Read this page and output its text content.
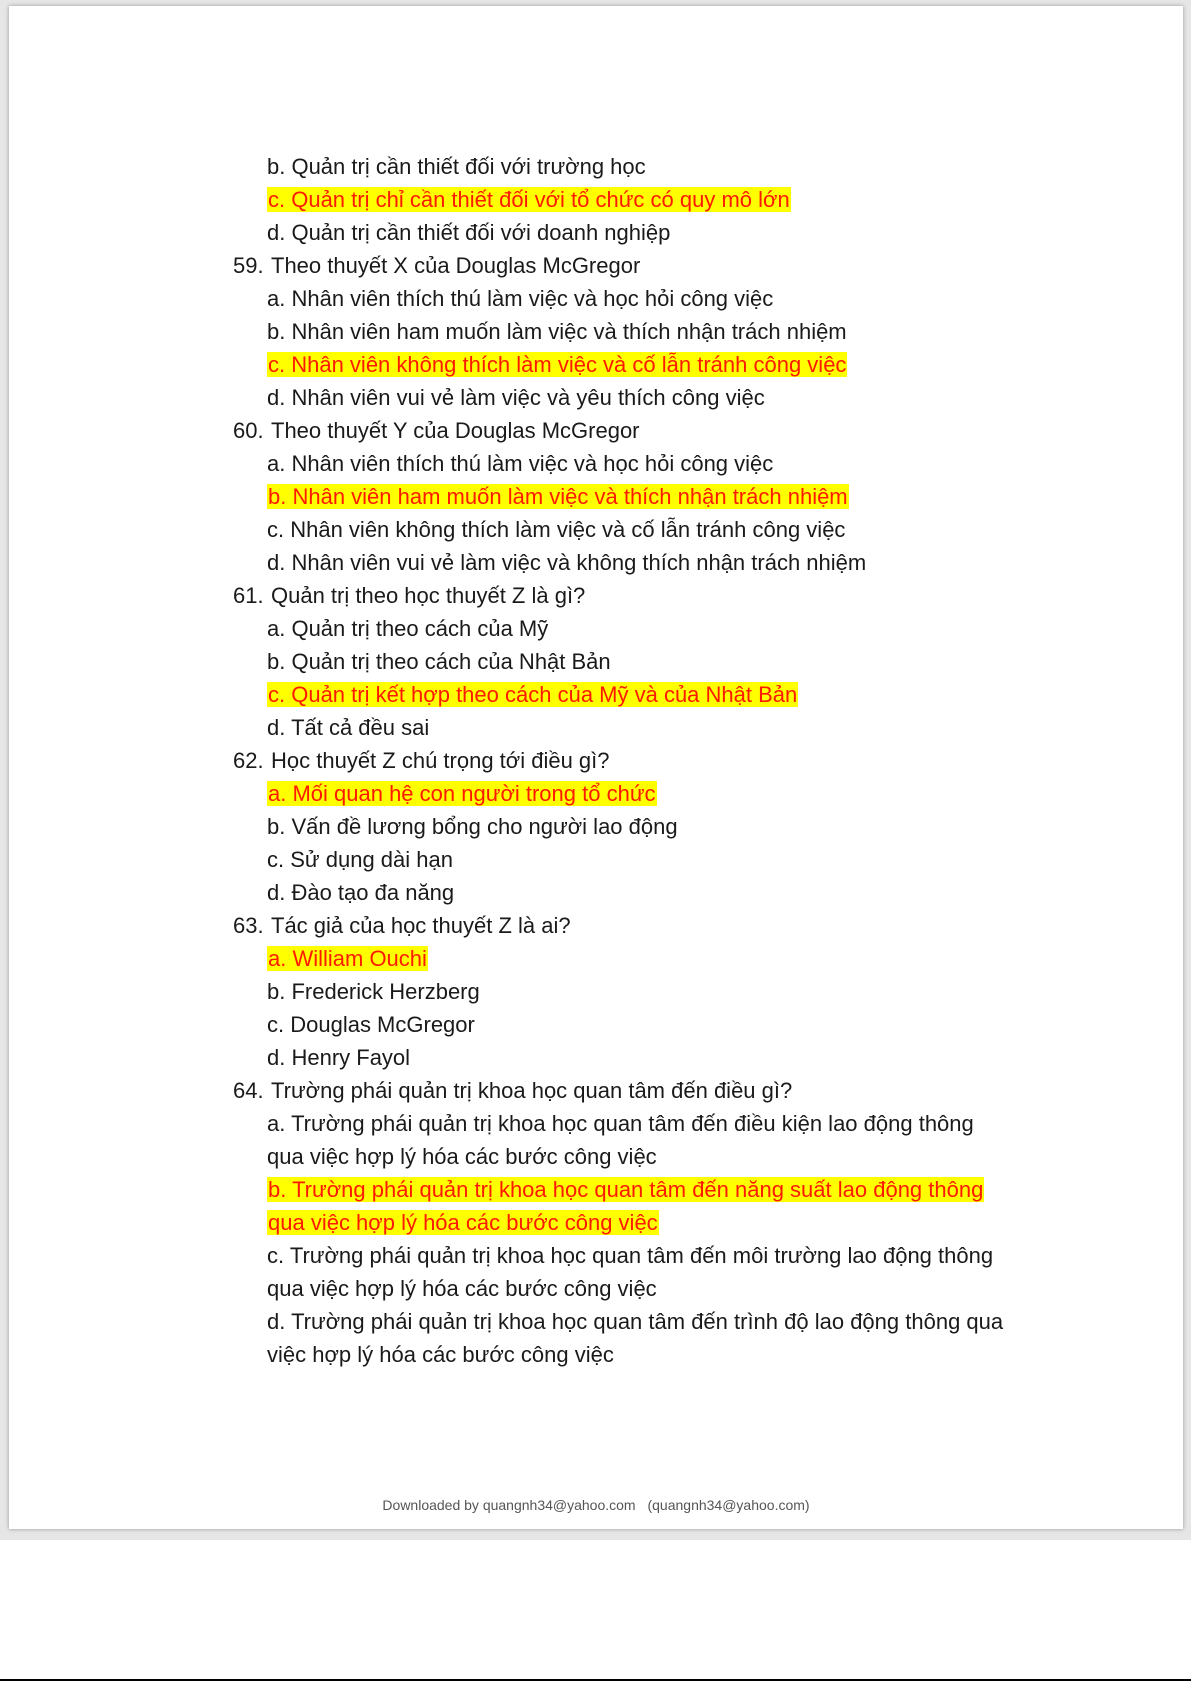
b. Quản trị cần thiết đối với trường học
c. Quản trị chỉ cần thiết đối với tổ chức có quy mô lớn
d. Quản trị cần thiết đối với doanh nghiệp
59. Theo thuyết X của Douglas McGregor
a. Nhân viên thích thú làm việc và học hỏi công việc
b. Nhân viên ham muốn làm việc và thích nhận trách nhiệm
c. Nhân viên không thích làm việc và cố lẫn tránh công việc
d. Nhân viên vui vẻ làm việc và yêu thích công việc
60. Theo thuyết Y của Douglas McGregor
a. Nhân viên thích thú làm việc và học hỏi công việc
b. Nhân viên ham muốn làm việc và thích nhận trách nhiệm
c. Nhân viên không thích làm việc và cố lẫn tránh công việc
d. Nhân viên vui vẻ làm việc và không thích nhận trách nhiệm
61. Quản trị theo học thuyết Z là gì?
a. Quản trị theo cách của Mỹ
b. Quản trị theo cách của Nhật Bản
c. Quản trị kết hợp theo cách của Mỹ và của Nhật Bản
d. Tất cả đều sai
62. Học thuyết Z chú trọng tới điều gì?
a. Mối quan hệ con người trong tổ chức
b. Vấn đề lương bổng cho người lao động
c. Sử dụng dài hạn
d. Đào tạo đa năng
63. Tác giả của học thuyết Z là ai?
a. William Ouchi
b. Frederick Herzberg
c. Douglas McGregor
d. Henry Fayol
64. Trường phái quản trị khoa học quan tâm đến điều gì?
a. Trường phái quản trị khoa học quan tâm đến điều kiện lao động thông
qua việc hợp lý hóa các bước công việc
b. Trường phái quản trị khoa học quan tâm đến năng suất lao động thông
qua việc hợp lý hóa các bước công việc
c. Trường phái quản trị khoa học quan tâm đến môi trường lao động thông
qua việc hợp lý hóa các bước công việc
d. Trường phái quản trị khoa học quan tâm đến trình độ lao động thông qua
việc hợp lý hóa các bước công việc
Downloaded by quangnh34@yahoo.com (quangnh34@yahoo.com)
